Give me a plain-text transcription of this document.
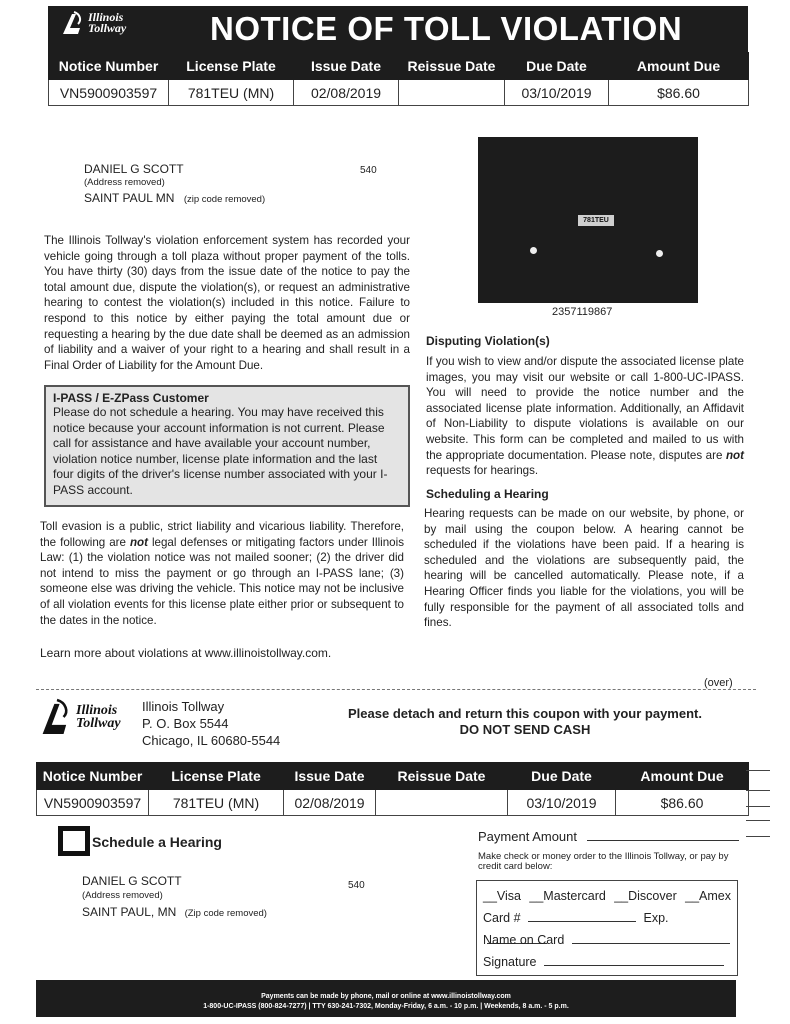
Illinois
Tollway	NOTICE OF TOLL VIOLATION
Notice Number	License Plate	Issue Date	Reissue Date	Due Date	Amount Due
VN5900903597	781TEU (MN)	02/08/2019		03/10/2019	$86.60
DANIEL G SCOTT
(Address removed)
SAINT PAUL MN (zip code removed)
540
The Illinois Tollway's violation enforcement system has recorded your vehicle going through a toll plaza without proper payment of the tolls. You have thirty (30) days from the issue date of the notice to pay the total amount due, dispute the violation(s), or request an administrative hearing to contest the violation(s) included in this notice. Failure to respond to this notice by either paying the total amount due or requesting a hearing by the due date shall be deemed as an admission of liability and a waiver of your right to a hearing and shall result in a Final Order of Liability for the Amount Due.
I-PASS / E-ZPass Customer

Please do not schedule a hearing. You may have received this notice because your account information is not current. Please call for assistance and have available your account number, violation notice number, license plate information and the last four digits of the driver's license number associated with your I-PASS account.

Toll evasion is a public, strict liability and vicarious liability. Therefore, the following are not legal defenses or mitigating factors under Illinois Law: (1) the violation notice was not mailed sooner; (2) the driver did not intend to miss the payment or go through an I-PASS lane; (3) someone else was driving the vehicle. This notice may not be inclusive of all violation events for this license plate either prior or subsequent to the dates in the notice.
Learn more about violations at www.illinoistollway.com.
781TEU
2357119867
Disputing Violation(s)
If you wish to view and/or dispute the associated license plate images, you may visit our website or call 1-800-UC-IPASS. You will need to provide the notice number and the associated license plate information. Additionally, an Affidavit of Non-Liability to dispute violations is available on our website. This form can be completed and mailed to us with the appropriate documentation. Please note, disputes are not requests for hearings.
Scheduling a Hearing
Hearing requests can be made on our website, by phone, or by mail using the coupon below. A hearing cannot be scheduled if the violations have been paid. If a hearing is scheduled and the violations are subsequently paid, the hearing will be cancelled automatically. Please note, if a Hearing Officer finds you liable for the violations, you will be fully responsible for the payment of all associated tolls and fines.
(over)
Illinois
Tollway
Illinois Tollway
P. O. Box 5544
Chicago, IL 60680-5544
Please detach and return this coupon with your payment.
DO NOT SEND CASH
Notice Number	License Plate	Issue Date	Reissue Date	Due Date	Amount Due
VN5900903597	781TEU (MN)	02/08/2019		03/10/2019	$86.60
Schedule a Hearing	Payment Amount
Make check or money order to the Illinois Tollway, or pay by credit card below:
DANIEL G SCOTT
(Address removed)
SAINT PAUL, MN (Zip code removed)
540
__Visa __Mastercard __Discover __Amex
Card #	Exp.
Name on Card
Signature
Payments can be made by phone, mail or online at www.illinoistollway.com
1-800-UC-IPASS (800-824-7277) | TTY 630-241-7302, Monday-Friday, 6 a.m. - 10 p.m. | Weekends, 8 a.m. - 5 p.m.
